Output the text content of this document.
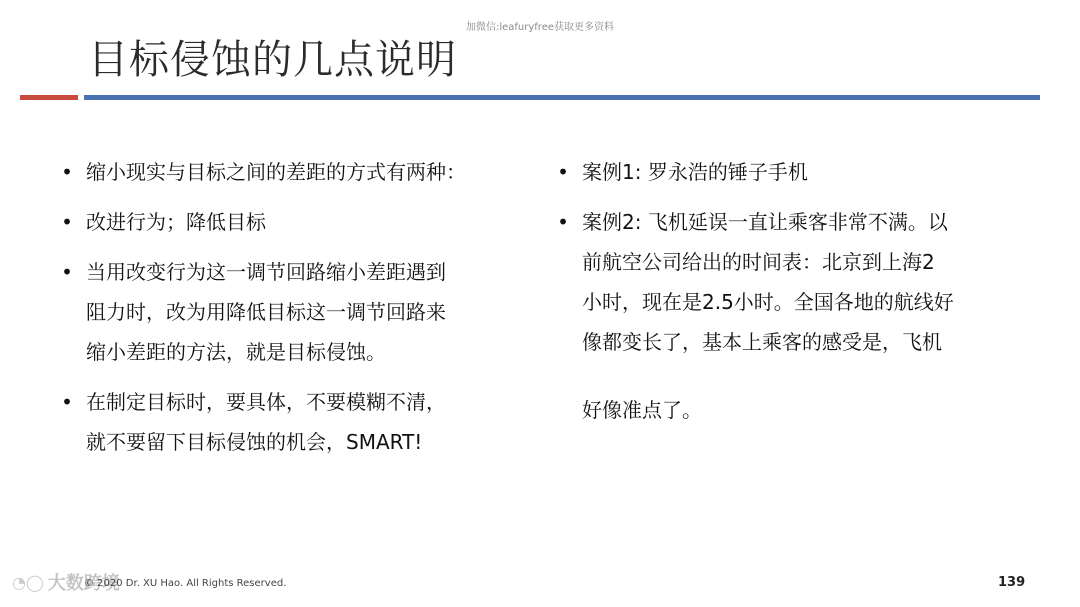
加微信:leafuryfree获取更多资料
目标侵蚀的几点说明
• 缩小现实与目标之间的差距的方式有两种：
• 改进行为；降低目标
• 当用改变行为这一调节回路缩小差距遇到
阻力时，改为用降低目标这一调节回路来
缩小差距的方法，就是目标侵蚀。
• 在制定目标时，要具体，不要模糊不清，
就不要留下目标侵蚀的机会，SMART!
• 案例1: 罗永浩的锤子手机
• 案例2: 飞机延误一直让乘客非常不满。以
前航空公司给出的时间表：北京到上海2
小时，现在是2.5小时。全国各地的航线好
像都变长了，基本上乘客的感受是，飞机
好像准点了。
◔◯ 大数跨境
© 2020 Dr. XU Hao. All Rights Reserved.	139
